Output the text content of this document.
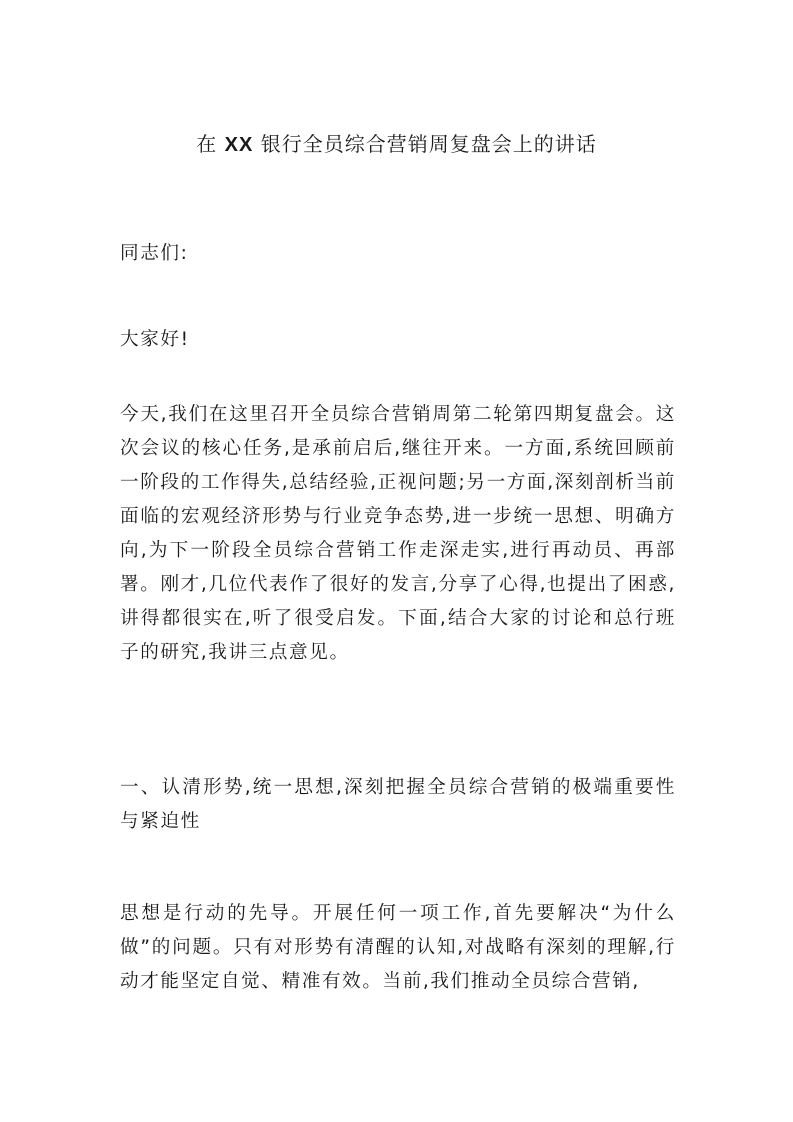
在 XX 银行全员综合营销周复盘会上的讲话

同志们:

大家好!

今天,我们在这里召开全员综合营销周第二轮第四期复盘会。这次会议的核心任务,是承前启后,继往开来。一方面,系统回顾前一阶段的工作得失,总结经验,正视问题;另一方面,深刻剖析当前面临的宏观经济形势与行业竞争态势,进一步统一思想、明确方向,为下一阶段全员综合营销工作走深走实,进行再动员、再部署。刚才,几位代表作了很好的发言,分享了心得,也提出了困惑,讲得都很实在,听了很受启发。下面,结合大家的讨论和总行班子的研究,我讲三点意见。

一、认清形势,统一思想,深刻把握全员综合营销的极端重要性与紧迫性

思想是行动的先导。开展任何一项工作,首先要解决“为什么做”的问题。只有对形势有清醒的认知,对战略有深刻的理解,行动才能坚定自觉、精准有效。当前,我们推动全员综合营销,
